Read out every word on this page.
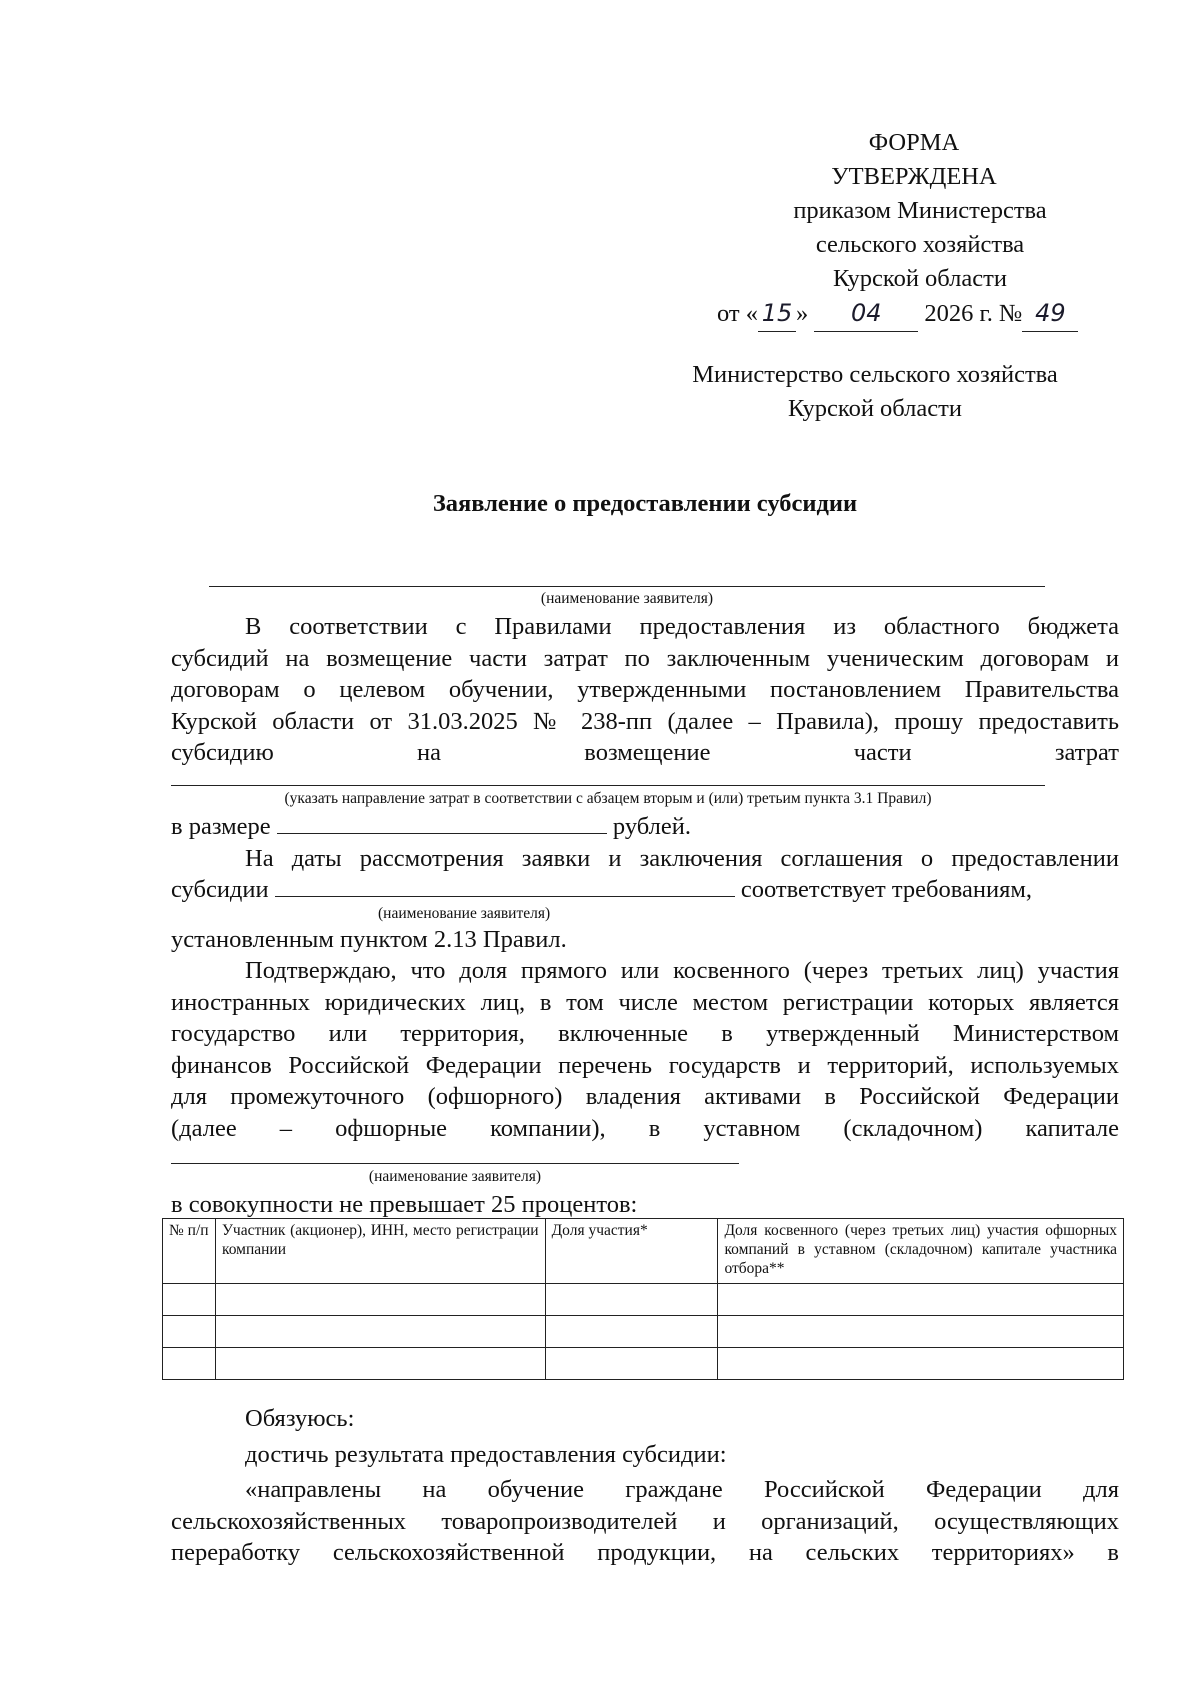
ФОРМА
УТВЕРЖДЕНА
приказом Министерства
сельского хозяйства
Курской области
от « 15 » 04 2026 г. № 49
Министерство сельского хозяйства
Курской области
Заявление о предоставлении субсидии
(наименование заявителя)
В соответствии с Правилами предоставления из областного бюджета
субсидий на возмещение части затрат по заключенным ученическим договорам и
договорам о целевом обучении, утвержденными постановлением Правительства
Курской области от 31.03.2025 № 238-пп (далее – Правила), прошу предоставить
субсидию на возмещение части затрат
(указать направление затрат в соответствии с абзацем вторым и (или) третьим пункта 3.1 Правил)
в размере	рублей.
На даты рассмотрения заявки и заключения соглашения о предоставлении
субсидии	соответствует требованиям,
(наименование заявителя)
установленным пунктом 2.13 Правил.
Подтверждаю, что доля прямого или косвенного (через третьих лиц) участия
иностранных юридических лиц, в том числе местом регистрации которых является
государство или территория, включенные в утвержденный Министерством
финансов Российской Федерации перечень государств и территорий, используемых
для промежуточного (офшорного) владения активами в Российской Федерации
(далее – офшорные компании), в уставном (складочном) капитале
(наименование заявителя)
в совокупности не превышает 25 процентов:
№ п/п	Участник (акционер), ИНН, место регистрации компании	Доля участия*	Доля косвенного (через третьих лиц) участия офшорных компаний в уставном (складочном) капитале участника отбора**

Обязуюсь:
достичь результата предоставления субсидии:
«направлены на обучение граждане Российской Федерации для
сельскохозяйственных товаропроизводителей и организаций, осуществляющих
переработку сельскохозяйственной продукции, на сельских территориях» в
